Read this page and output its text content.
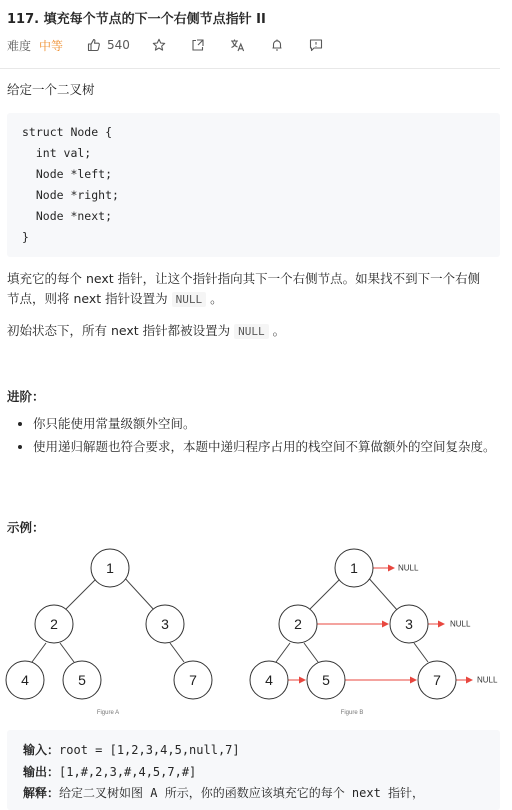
117. 填充每个节点的下一个右侧节点指针 II
难度 中等	540
给定一个二叉树
struct Node {
int val;
Node *left;
Node *right;
Node *next;
}
填充它的每个 next 指针，让这个指针指向其下一个右侧节点。如果找不到下一个右侧
节点，则将 next 指针设置为 NULL 。
初始状态下，所有 next 指针都被设置为 NULL 。
进阶：
• 你只能使用常量级额外空间。
• 使用递归解题也符合要求，本题中递归程序占用的栈空间不算做额外的空间复杂度。
示例：
1
2	3
4	5	7
Figure A
1
2	3
4	5	7
NULL
NULL
NULL
Figure B
输入：root = [1,2,3,4,5,null,7]
输出：[1,#,2,3,#,4,5,7,#]
解释：给定二叉树如图 A 所示，你的函数应该填充它的每个 next 指针，
